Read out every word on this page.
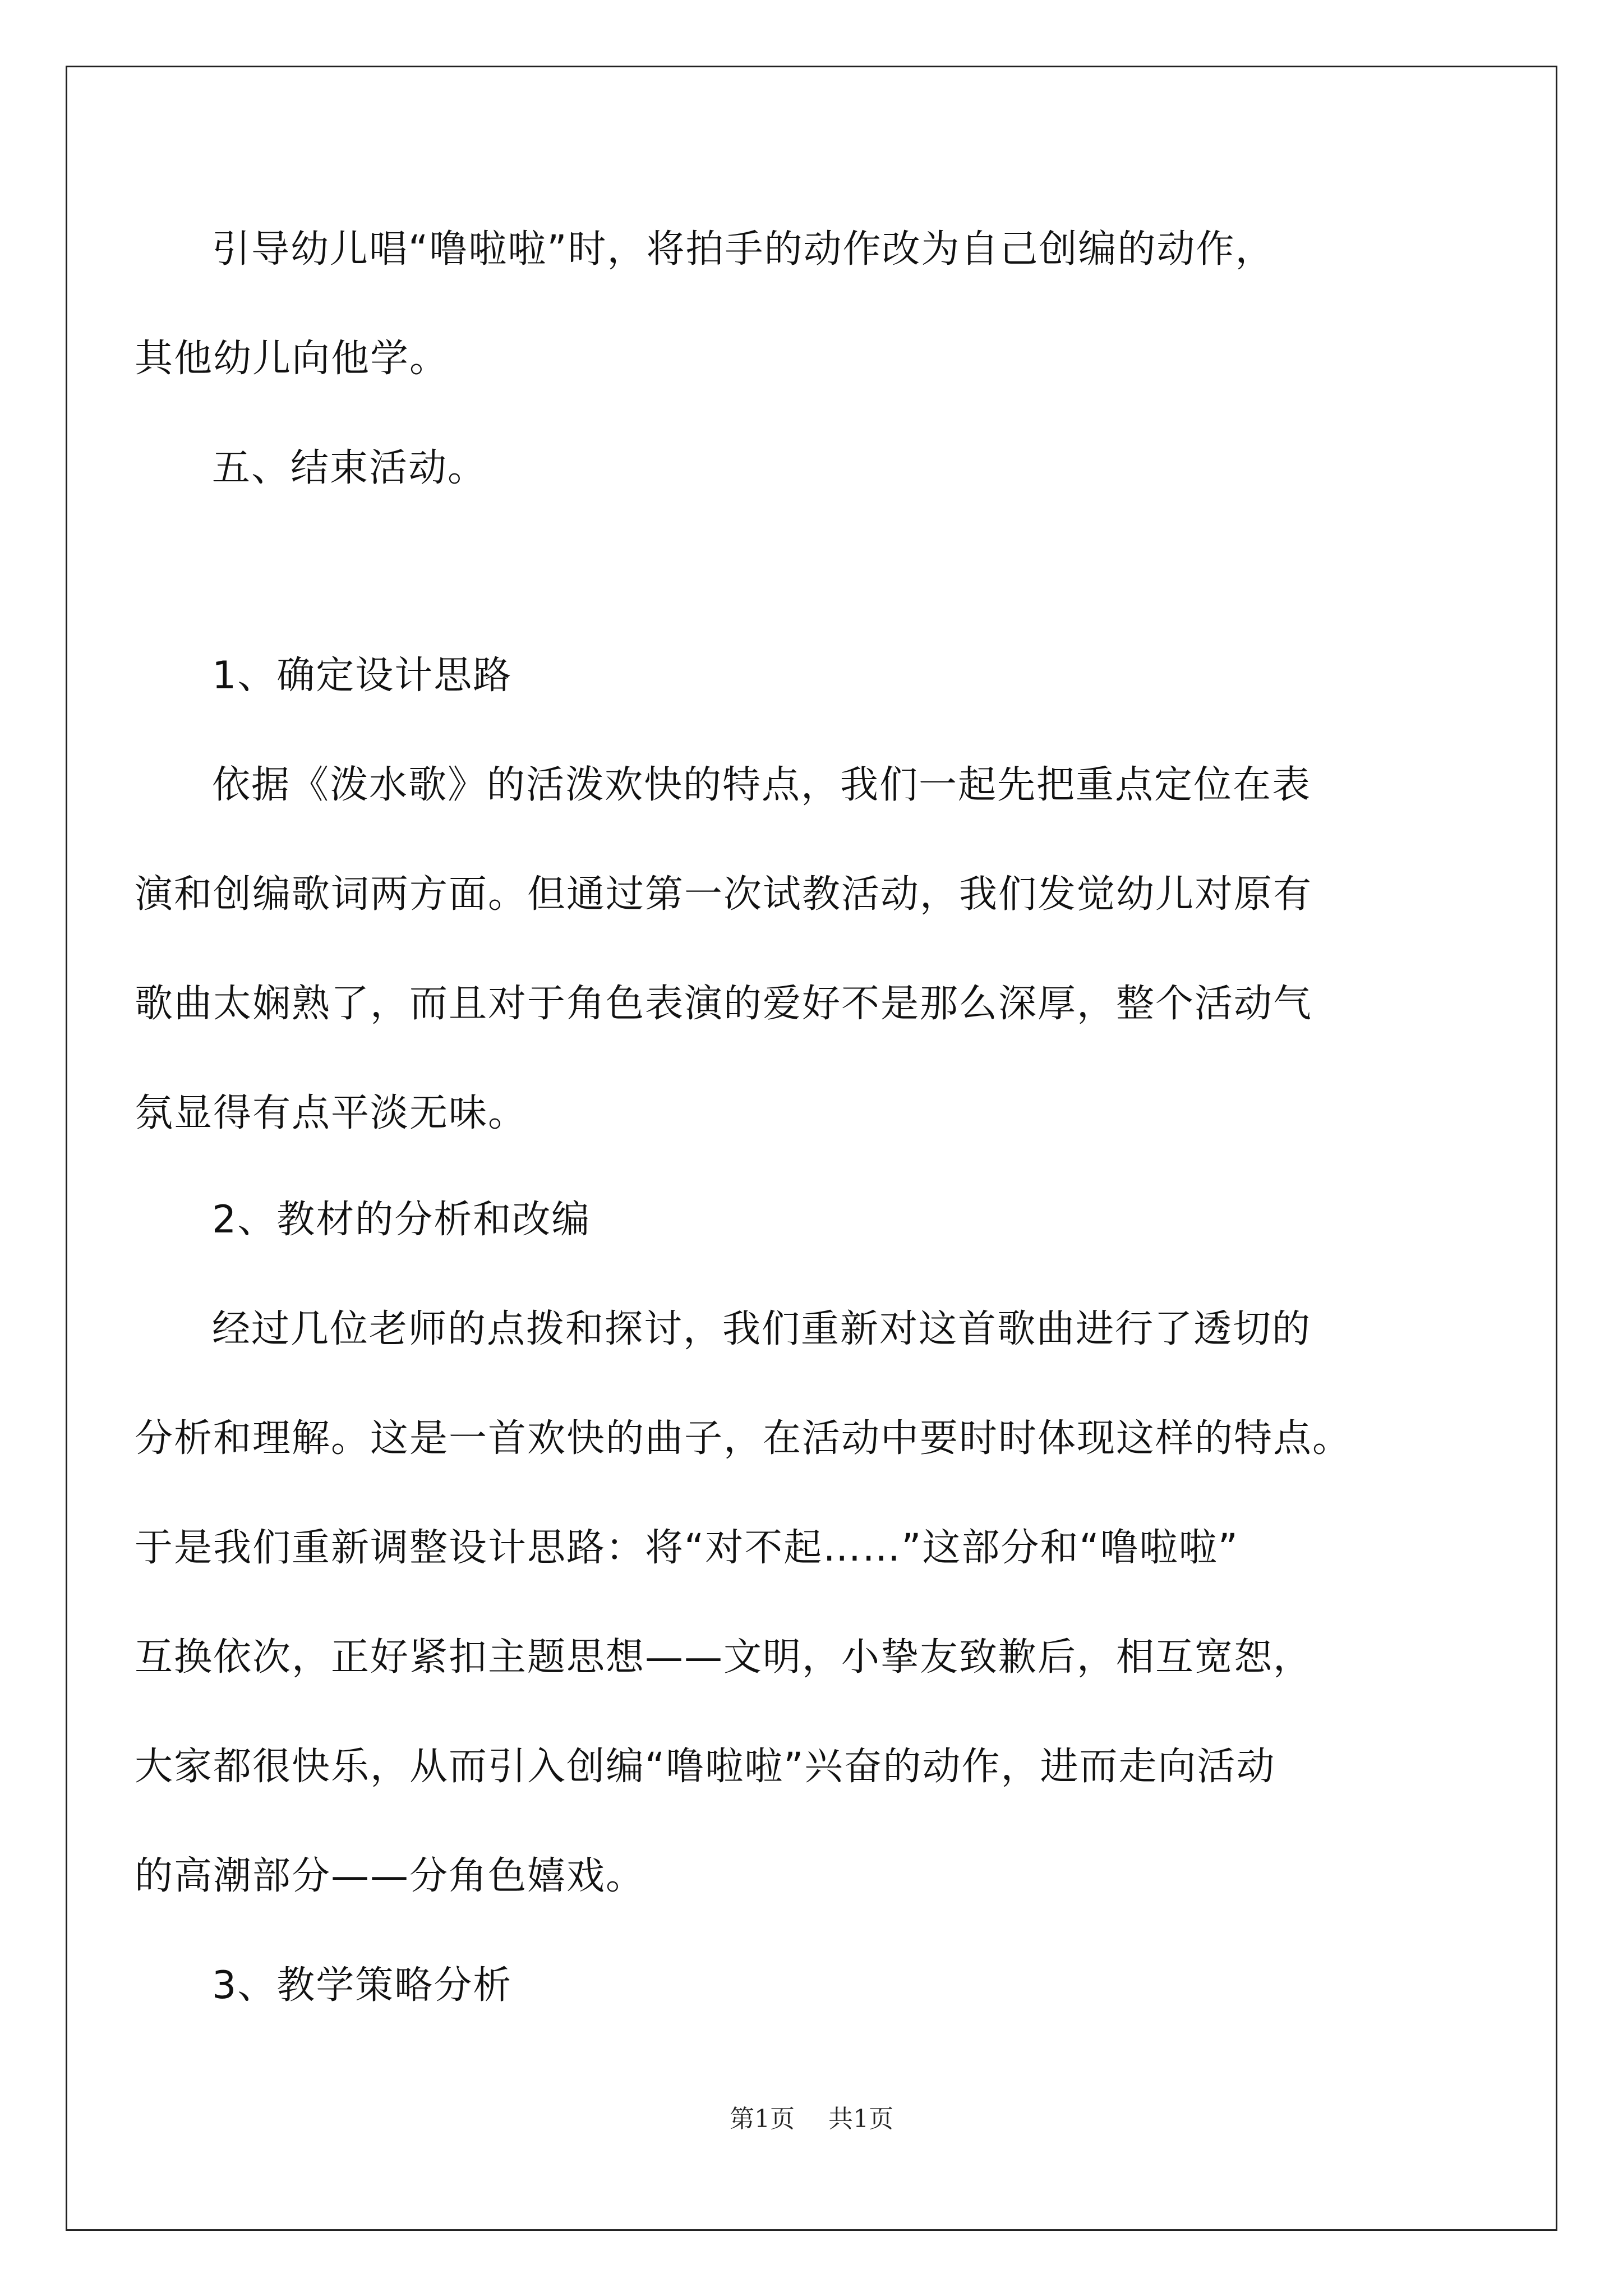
引导幼儿唱“噜啦啦”时，将拍手的动作改为自己创编的动作，
其他幼儿向他学。
五、结束活动。
1、确定设计思路
依据《泼水歌》的活泼欢快的特点，我们一起先把重点定位在表
演和创编歌词两方面。但通过第一次试教活动，我们发觉幼儿对原有
歌曲太娴熟了，而且对于角色表演的爱好不是那么深厚，整个活动气
氛显得有点平淡无味。
2、教材的分析和改编
经过几位老师的点拨和探讨，我们重新对这首歌曲进行了透切的
分析和理解。这是一首欢快的曲子，在活动中要时时体现这样的特点。
于是我们重新调整设计思路：将“对不起……”这部分和“噜啦啦”
互换依次，正好紧扣主题思想——文明，小挚友致歉后，相互宽恕，
大家都很快乐，从而引入创编“噜啦啦”兴奋的动作，进而走向活动
的高潮部分——分角色嬉戏。
3、教学策略分析
第1页 共1页
